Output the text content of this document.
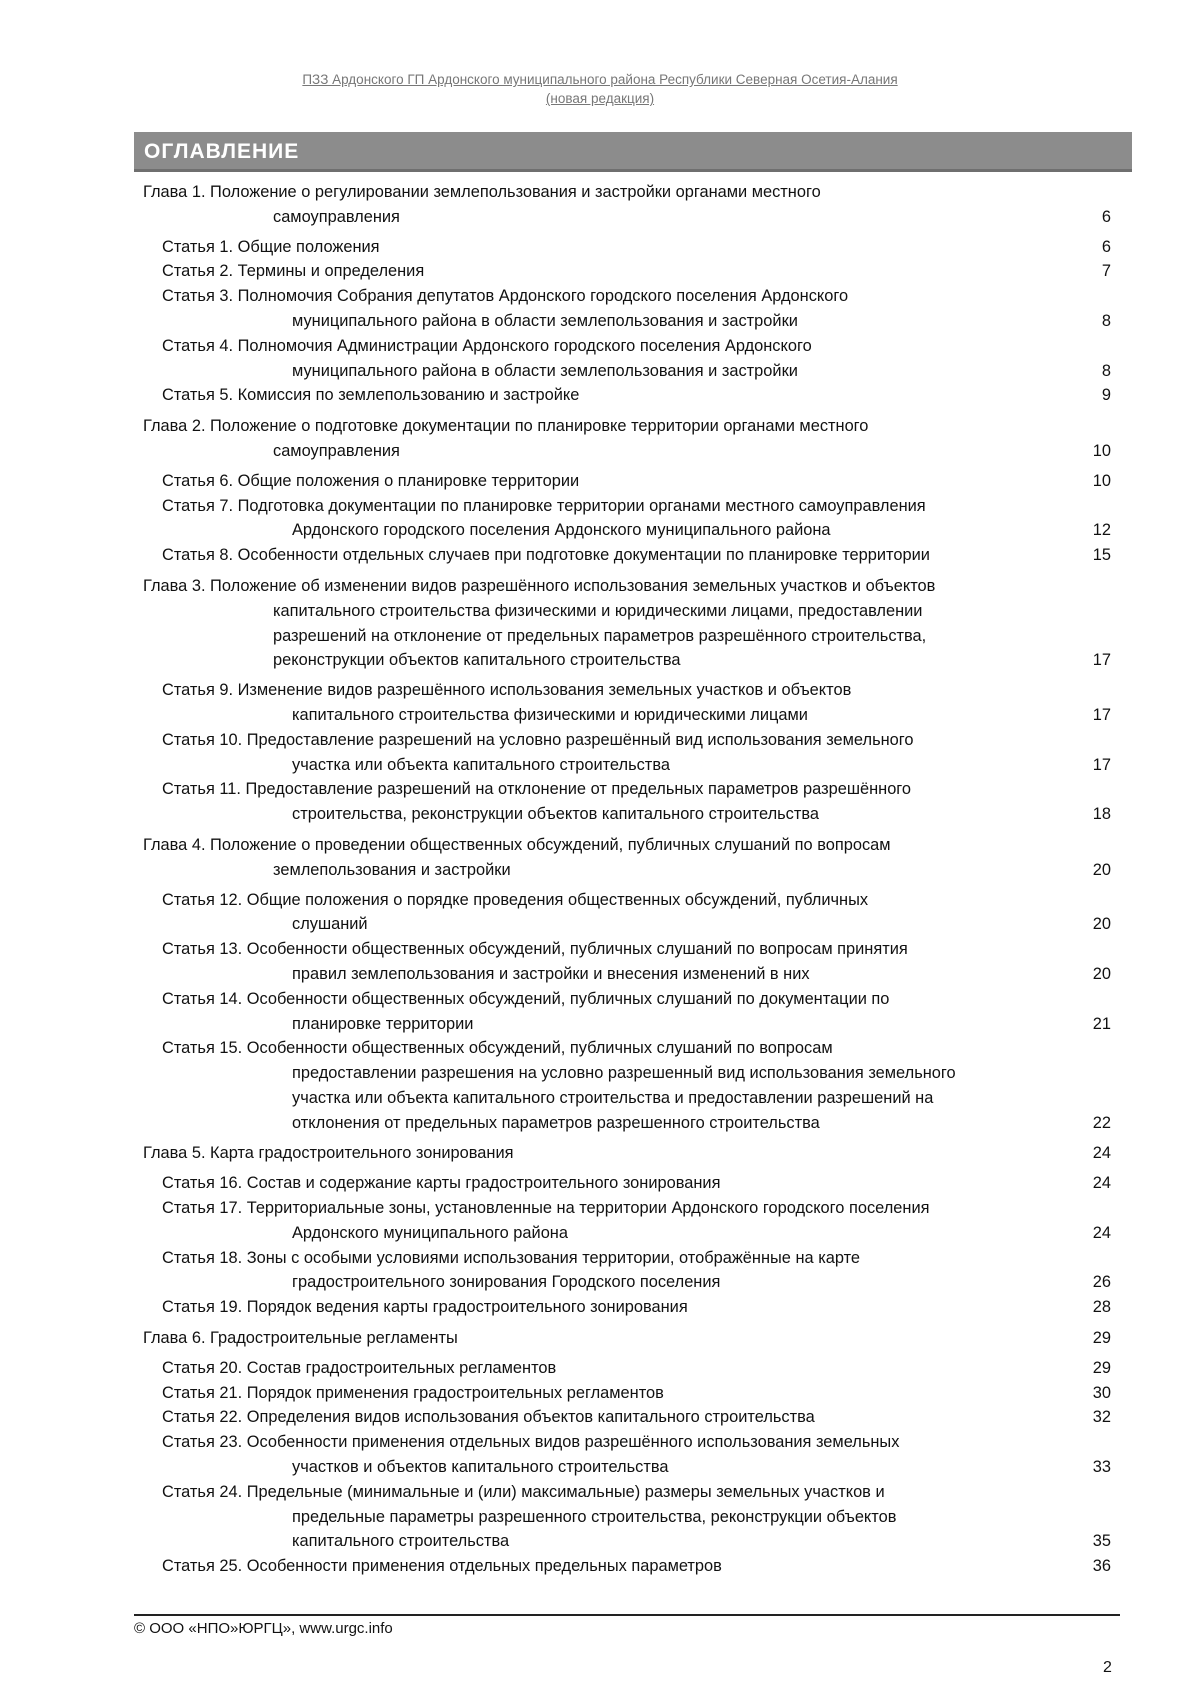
ПЗЗ Ардонского ГП Ардонского муниципального района Республики Северная Осетия-Алания
(новая редакция)
ОГЛАВЛЕНИЕ
Глава 1. Положение о регулировании землепользования и застройки органами местного
самоуправления	6
Статья 1. Общие положения	6
Статья 2. Термины и определения	7
Статья 3. Полномочия Собрания депутатов Ардонского городского поселения Ардонского
муниципального района в области землепользования и застройки	8
Статья 4. Полномочия Администрации Ардонского городского поселения Ардонского
муниципального района в области землепользования и застройки	8
Статья 5. Комиссия по землепользованию и застройке	9
Глава 2. Положение о подготовке документации по планировке территории органами местного
самоуправления	10
Статья 6. Общие положения о планировке территории	10
Статья 7. Подготовка документации по планировке территории органами местного самоуправления
Ардонского городского поселения Ардонского муниципального района	12
Статья 8. Особенности отдельных случаев при подготовке документации по планировке территории	15
Глава 3. Положение об изменении видов разрешённого использования земельных участков и объектов
капитального строительства физическими и юридическими лицами, предоставлении
разрешений на отклонение от предельных параметров разрешённого строительства,
реконструкции объектов капитального строительства	17
Статья 9. Изменение видов разрешённого использования земельных участков и объектов
капитального строительства физическими и юридическими лицами	17
Статья 10. Предоставление разрешений на условно разрешённый вид использования земельного
участка или объекта капитального строительства	17
Статья 11. Предоставление разрешений на отклонение от предельных параметров разрешённого
строительства, реконструкции объектов капитального строительства	18
Глава 4. Положение о проведении общественных обсуждений, публичных слушаний по вопросам
землепользования и застройки	20
Статья 12. Общие положения о порядке проведения общественных обсуждений, публичных
слушаний	20
Статья 13. Особенности общественных обсуждений, публичных слушаний по вопросам принятия
правил землепользования и застройки и внесения изменений в них	20
Статья 14. Особенности общественных обсуждений, публичных слушаний по документации по
планировке территории	21
Статья 15. Особенности общественных обсуждений, публичных слушаний по вопросам
предоставлении разрешения на условно разрешенный вид использования земельного
участка или объекта капитального строительства и предоставлении разрешений на
отклонения от предельных параметров разрешенного строительства	22
Глава 5. Карта градостроительного зонирования	24
Статья 16. Состав и содержание карты градостроительного зонирования	24
Статья 17. Территориальные зоны, установленные на территории Ардонского городского поселения
Ардонского муниципального района	24
Статья 18. Зоны с особыми условиями использования территории, отображённые на карте
градостроительного зонирования Городского поселения	26
Статья 19. Порядок ведения карты градостроительного зонирования	28
Глава 6. Градостроительные регламенты	29
Статья 20. Состав градостроительных регламентов	29
Статья 21. Порядок применения градостроительных регламентов	30
Статья 22. Определения видов использования объектов капитального строительства	32
Статья 23. Особенности применения отдельных видов разрешённого использования земельных
участков и объектов капитального строительства	33
Статья 24. Предельные (минимальные и (или) максимальные) размеры земельных участков и
предельные параметры разрешенного строительства, реконструкции объектов
капитального строительства	35
Статья 25. Особенности применения отдельных предельных параметров	36
© ООО «НПО»ЮРГЦ», www.urgc.info
2
